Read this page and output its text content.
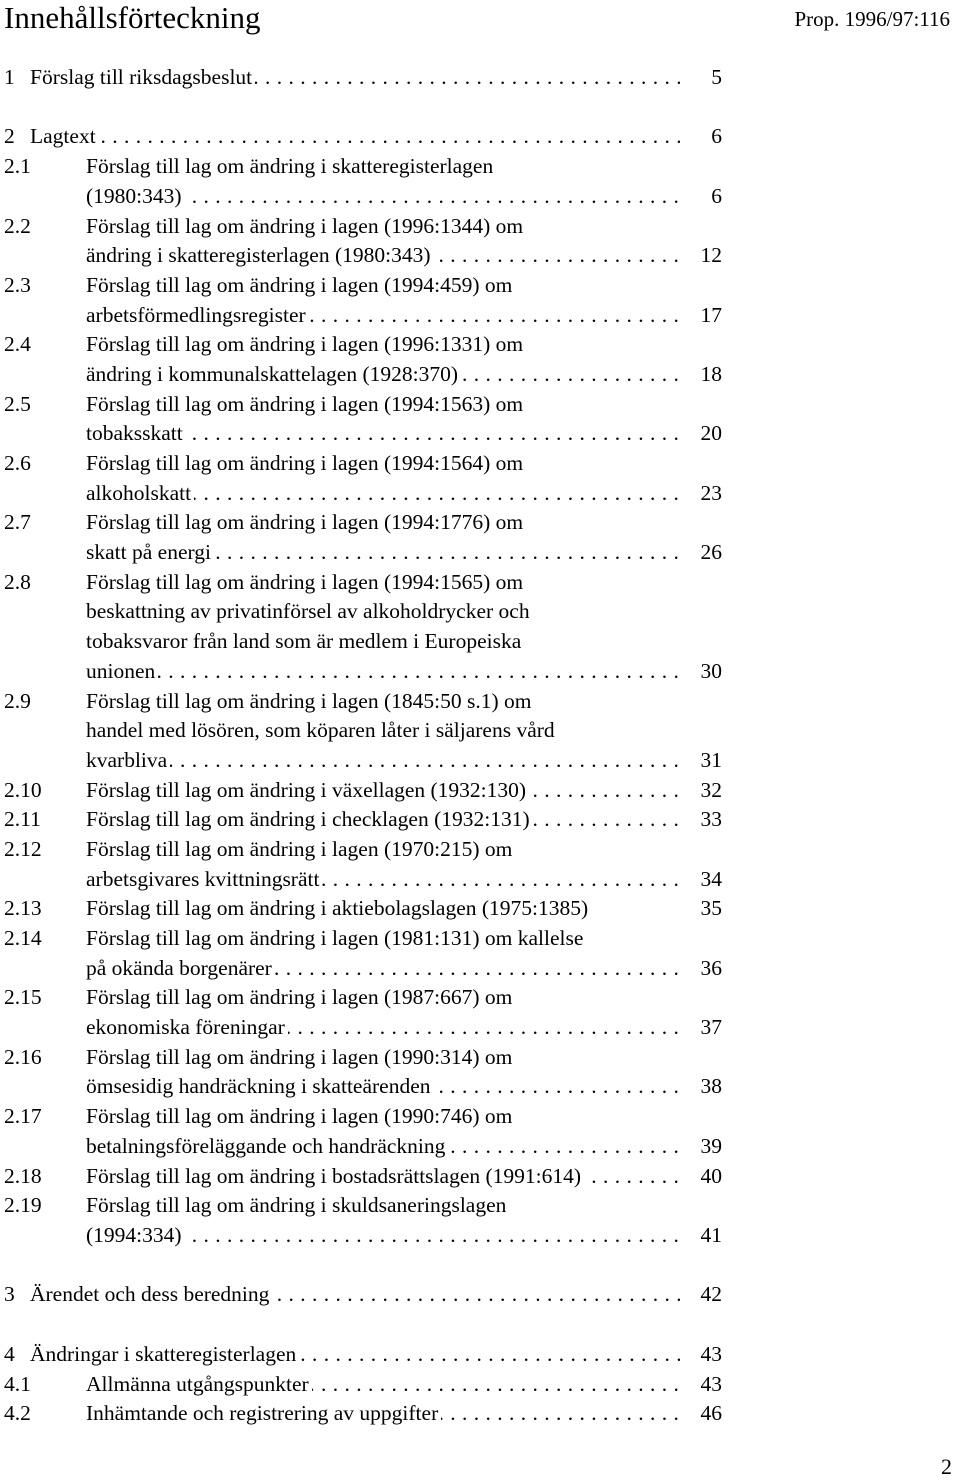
Innehållsförteckning	Prop. 1996/97:116
1 Förslag till riksdagsbeslut . . .	5
2 Lagtext . . .	6
2.1	Förslag till lag om ändring i skatteregisterlagen
(1980:343) . . .	6
2.2	Förslag till lag om ändring i lagen (1996:1344) om
ändring i skatteregisterlagen (1980:343) . . .	12
2.3	Förslag till lag om ändring i lagen (1994:459) om
arbetsförmedlingsregister . . .	17
2.4	Förslag till lag om ändring i lagen (1996:1331) om
ändring i kommunalskattelagen (1928:370) . . .	18
2.5	Förslag till lag om ändring i lagen (1994:1563) om
tobaksskatt . . .	20
2.6	Förslag till lag om ändring i lagen (1994:1564) om
alkoholskatt . . .	23
2.7	Förslag till lag om ändring i lagen (1994:1776) om
skatt på energi . . .	26
2.8	Förslag till lag om ändring i lagen (1994:1565) om
beskattning av privatinförsel av alkoholdrycker och
tobaksvaror från land som är medlem i Europeiska
unionen . . .	30
2.9	Förslag till lag om ändring i lagen (1845:50 s.1) om
handel med lösören, som köparen låter i säljarens vård
kvarbliva . . .	31
2.10 Förslag till lag om ändring i växellagen (1932:130) . . .	32
2.11 Förslag till lag om ändring i checklagen (1932:131) . . .	33
2.12 Förslag till lag om ändring i lagen (1970:215) om
arbetsgivares kvittningsrätt . . .	34
2.13 Förslag till lag om ändring i aktiebolagslagen (1975:1385)	35
2.14 Förslag till lag om ändring i lagen (1981:131) om kallelse
på okända borgenärer . . .	36
2.15 Förslag till lag om ändring i lagen (1987:667) om
ekonomiska föreningar . . .	37
2.16 Förslag till lag om ändring i lagen (1990:314) om
ömsesidig handräckning i skatteärenden . . .	38
2.17 Förslag till lag om ändring i lagen (1990:746) om
betalningsföreläggande och handräckning . . .	39
2.18 Förslag till lag om ändring i bostadsrättslagen (1991:614) . . .	40
2.19 Förslag till lag om ändring i skuldsaneringslagen
(1994:334) . . .	41
3 Ärendet och dess beredning . . .	42
4 Ändringar i skatteregisterlagen . . .	43
4.1	Allmänna utgångspunkter . . .	43
4.2	Inhämtande och registrering av uppgifter . . .	46
2
